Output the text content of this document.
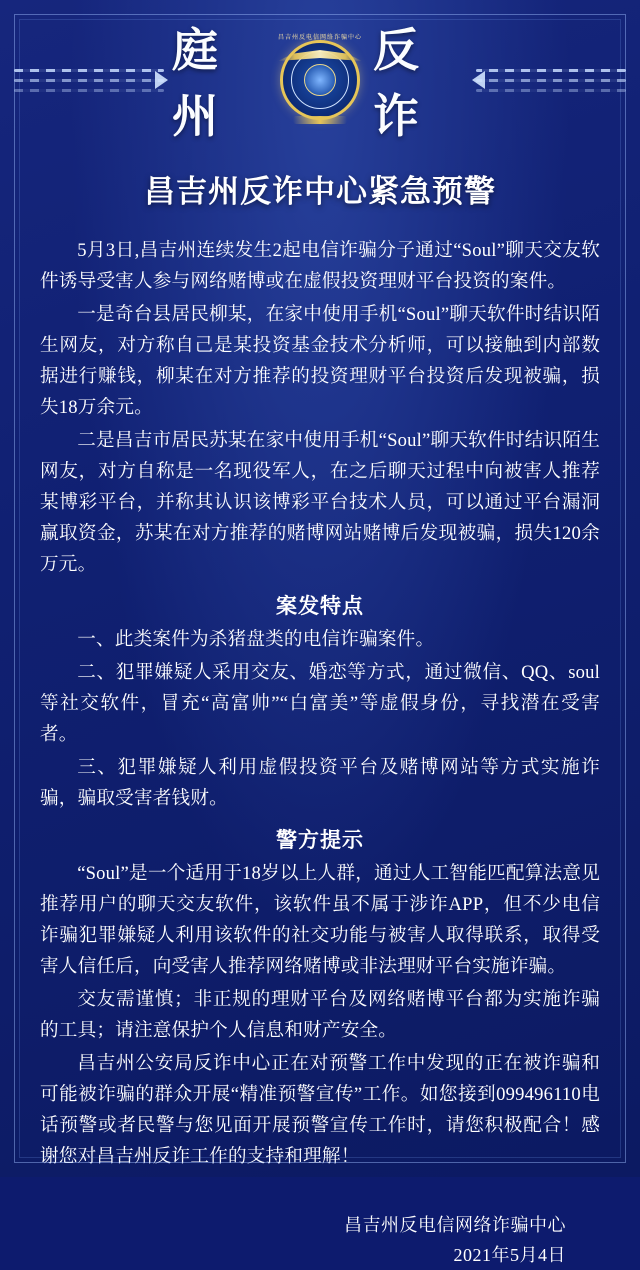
庭州
昌吉州反电信网络诈骗中心 反诈
昌吉州反诈中心紧急预警

5月3日,昌吉州连续发生2起电信诈骗分子通过“Soul”聊天交友软件诱导受害人参与网络赌博或在虚假投资理财平台投资的案件。

一是奇台县居民柳某，在家中使用手机“Soul”聊天软件时结识陌生网友，对方称自己是某投资基金技术分析师，可以接触到内部数据进行赚钱，柳某在对方推荐的投资理财平台投资后发现被骗，损失18万余元。

二是昌吉市居民苏某在家中使用手机“Soul”聊天软件时结识陌生网友，对方自称是一名现役军人，在之后聊天过程中向被害人推荐某博彩平台，并称其认识该博彩平台技术人员，可以通过平台漏洞赢取资金，苏某在对方推荐的赌博网站赌博后发现被骗，损失120余万元。

案发特点

一、此类案件为杀猪盘类的电信诈骗案件。

二、犯罪嫌疑人采用交友、婚恋等方式，通过微信、QQ、soul等社交软件，冒充“高富帅”“白富美”等虚假身份，寻找潜在受害者。

三、犯罪嫌疑人利用虚假投资平台及赌博网站等方式实施诈骗，骗取受害者钱财。

警方提示

“Soul”是一个适用于18岁以上人群，通过人工智能匹配算法意见推荐用户的聊天交友软件，该软件虽不属于涉诈APP，但不少电信诈骗犯罪嫌疑人利用该软件的社交功能与被害人取得联系，取得受害人信任后，向受害人推荐网络赌博或非法理财平台实施诈骗。

交友需谨慎；非正规的理财平台及网络赌博平台都为实施诈骗的工具；请注意保护个人信息和财产安全。

昌吉州公安局反诈中心正在对预警工作中发现的正在被诈骗和可能被诈骗的群众开展“精准预警宣传”工作。如您接到099496110电话预警或者民警与您见面开展预警宣传工作时，请您积极配合！感谢您对昌吉州反诈工作的支持和理解！

昌吉州反电信网络诈骗中心
2021年5月4日
